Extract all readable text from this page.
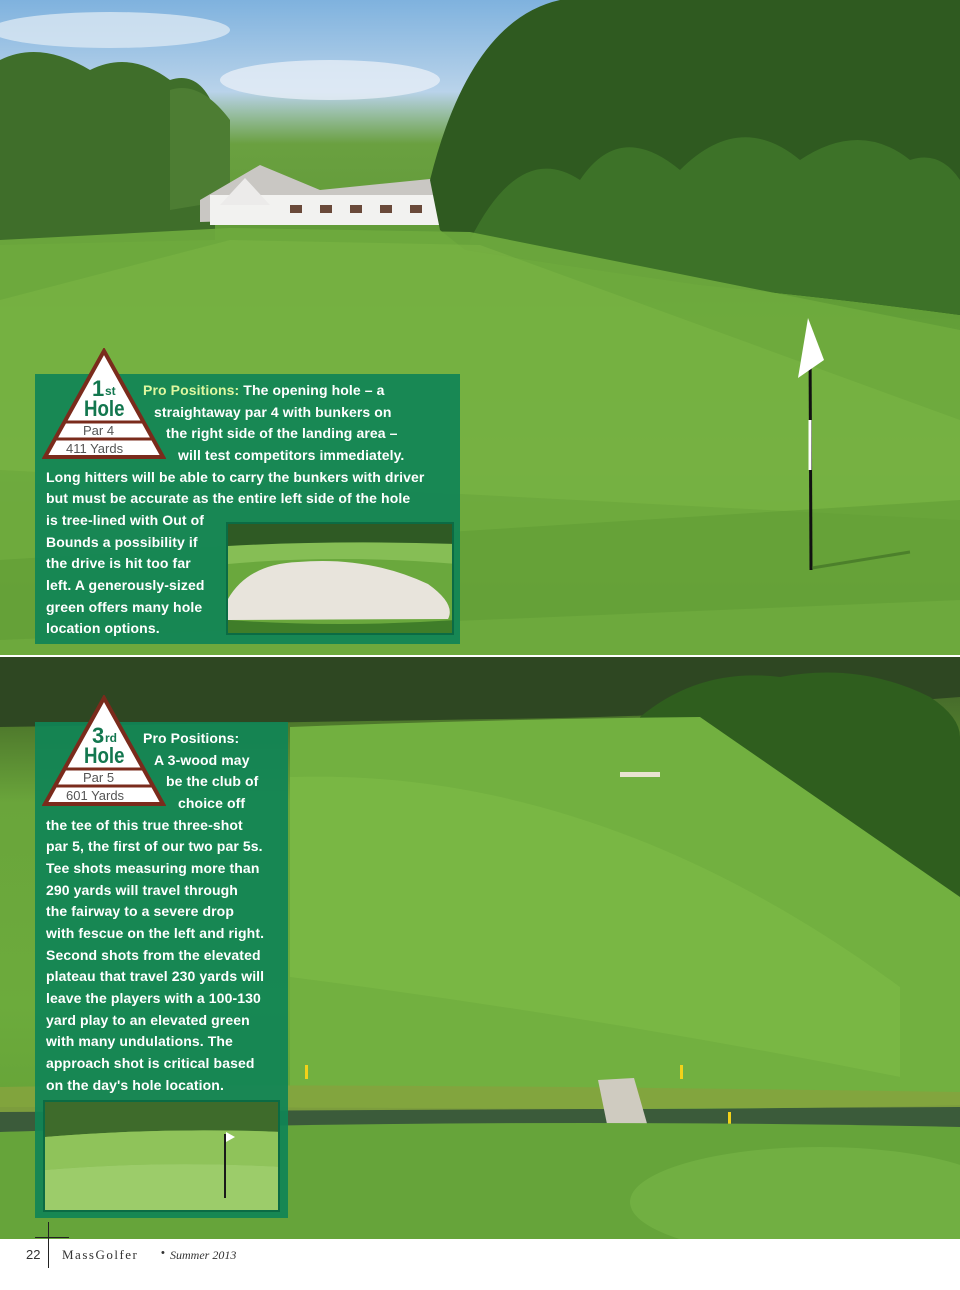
Pro Positions: The opening hole – a
straightaway par 4 with bunkers on
the right side of the landing area –
will test competitors immediately.
Long hitters will be able to carry the bunkers with driver
but must be accurate as the entire left side of the hole
is tree-lined with Out of
Bounds a possibility if
the drive is hit too far
left. A generously-sized
green offers many hole
location options.
1 st
Hole
Par 4
411 Yards
Pro Positions:
A 3-wood may
be the club of
choice off
the tee of this true three-shot
par 5, the first of our two par 5s.
Tee shots measuring more than
290 yards will travel through
the fairway to a severe drop
with fescue on the left and right.
Second shots from the elevated
plateau that travel 230 yards will
leave the players with a 100-130
yard play to an elevated green
with many undulations. The
approach shot is critical based
on the day's hole location.
3 rd
Hole
Par 5
601 Yards
22 MassGolfer • Summer 2013
